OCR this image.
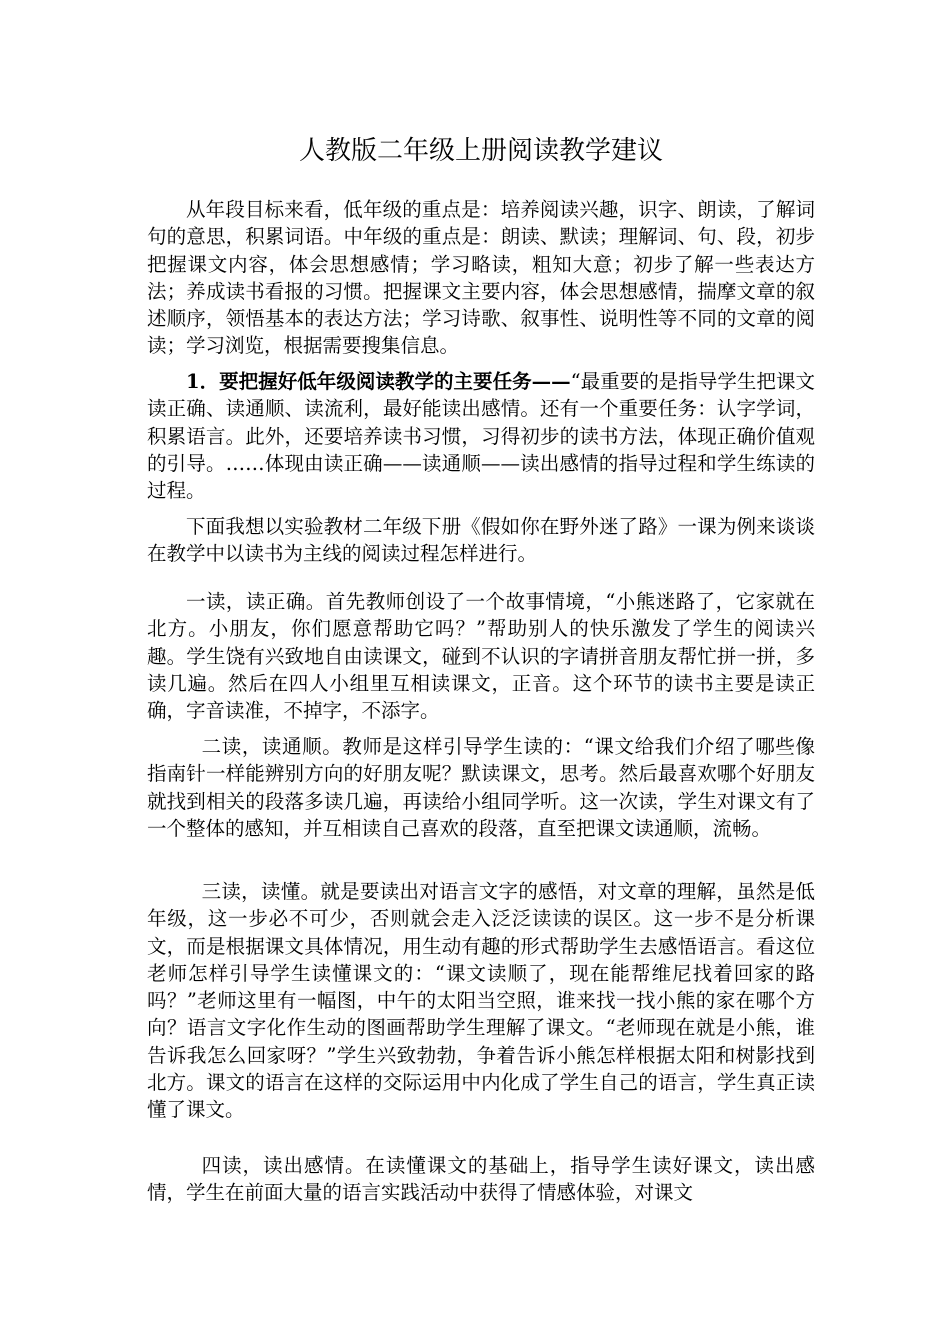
人教版二年级上册阅读教学建议

从年段目标来看，低年级的重点是：培养阅读兴趣，识字、朗读，了解词句的意思，积累词语。中年级的重点是：朗读、默读；理解词、句、段，初步把握课文内容，体会思想感情；学习略读，粗知大意；初步了解一些表达方法；养成读书看报的习惯。把握课文主要内容，体会思想感情，揣摩文章的叙述顺序，领悟基本的表达方法；学习诗歌、叙事性、说明性等不同的文章的阅读；学习浏览，根据需要搜集信息。

1．要把握好低年级阅读教学的主要任务——“最重要的是指导学生把课文读正确、读通顺、读流利，最好能读出感情。还有一个重要任务：认字学词，积累语言。此外，还要培养读书习惯，习得初步的读书方法，体现正确价值观的引导。……体现由读正确——读通顺——读出感情的指导过程和学生练读的过程。

下面我想以实验教材二年级下册《假如你在野外迷了路》一课为例来谈谈在教学中以读书为主线的阅读过程怎样进行。

一读，读正确。首先教师创设了一个故事情境，“小熊迷路了，它家就在北方。小朋友，你们愿意帮助它吗？”帮助别人的快乐激发了学生的阅读兴趣。学生饶有兴致地自由读课文，碰到不认识的字请拼音朋友帮忙拼一拼，多读几遍。然后在四人小组里互相读课文，正音。这个环节的读书主要是读正确，字音读准，不掉字，不添字。

二读，读通顺。教师是这样引导学生读的：“课文给我们介绍了哪些像指南针一样能辨别方向的好朋友呢？默读课文，思考。然后最喜欢哪个好朋友就找到相关的段落多读几遍，再读给小组同学听。这一次读，学生对课文有了一个整体的感知，并互相读自己喜欢的段落，直至把课文读通顺，流畅。

三读，读懂。就是要读出对语言文字的感悟，对文章的理解，虽然是低年级，这一步必不可少，否则就会走入泛泛读读的误区。这一步不是分析课文，而是根据课文具体情况，用生动有趣的形式帮助学生去感悟语言。看这位老师怎样引导学生读懂课文的：“课文读顺了，现在能帮维尼找着回家的路吗？”老师这里有一幅图，中午的太阳当空照，谁来找一找小熊的家在哪个方向？语言文字化作生动的图画帮助学生理解了课文。“老师现在就是小熊，谁告诉我怎么回家呀？”学生兴致勃勃，争着告诉小熊怎样根据太阳和树影找到北方。课文的语言在这样的交际运用中内化成了学生自己的语言，学生真正读懂了课文。

四读，读出感情。在读懂课文的基础上，指导学生读好课文，读出感情，学生在前面大量的语言实践活动中获得了情感体验，对课文
